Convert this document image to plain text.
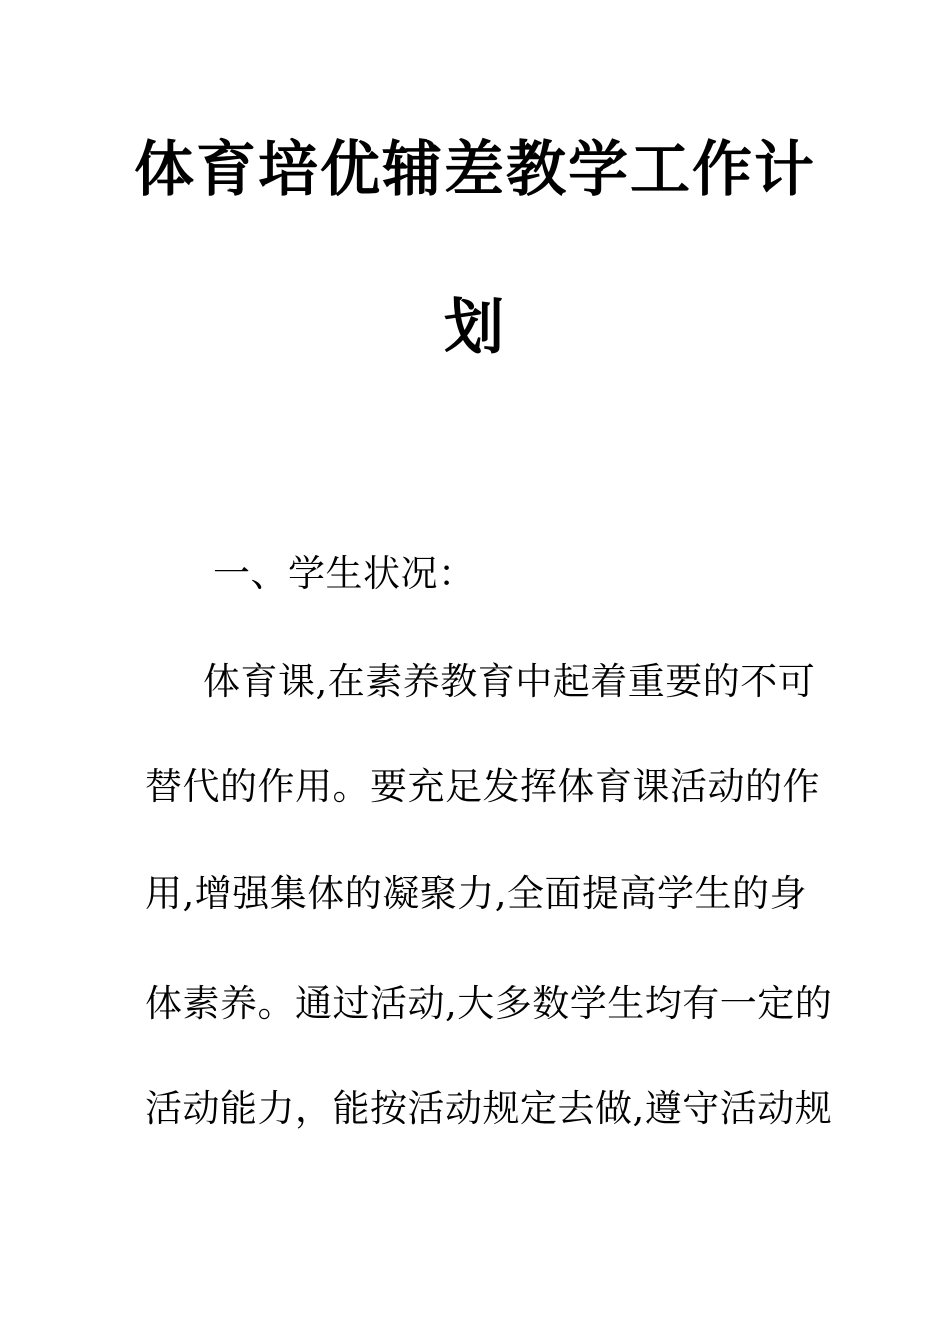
体育培优辅差教学工作计
划
一、学生状况：
体育课,在素养教育中起着重要的不可
替代的作用。要充足发挥体育课活动的作
用,增强集体的凝聚力,全面提高学生的身
体素养。通过活动,大多数学生均有一定的
活动能力，能按活动规定去做,遵守活动规
